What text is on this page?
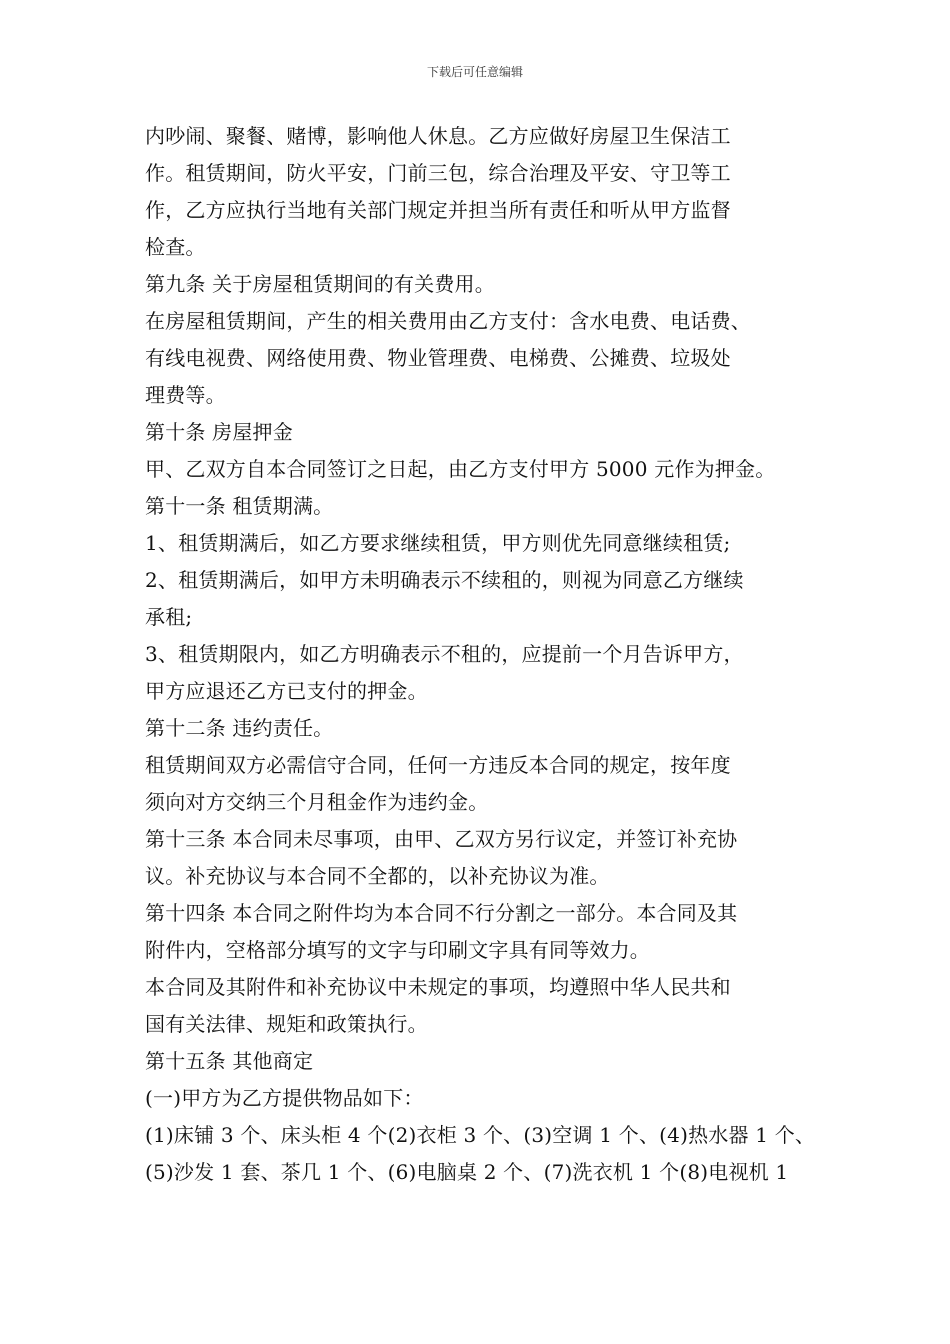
下载后可任意编辑
内吵闹、聚餐、赌博，影响他人休息。乙方应做好房屋卫生保洁工
作。租赁期间，防火平安，门前三包，综合治理及平安、守卫等工
作，乙方应执行当地有关部门规定并担当所有责任和听从甲方监督
检查。
第九条 关于房屋租赁期间的有关费用。
在房屋租赁期间，产生的相关费用由乙方支付：含水电费、电话费、
有线电视费、网络使用费、物业管理费、电梯费、公摊费、垃圾处
理费等。
第十条 房屋押金
甲、乙双方自本合同签订之日起，由乙方支付甲方 5000 元作为押金。
第十一条 租赁期满。
1、租赁期满后，如乙方要求继续租赁，甲方则优先同意继续租赁;
2、租赁期满后，如甲方未明确表示不续租的，则视为同意乙方继续
承租;
3、租赁期限内，如乙方明确表示不租的，应提前一个月告诉甲方，
甲方应退还乙方已支付的押金。
第十二条 违约责任。
租赁期间双方必需信守合同，任何一方违反本合同的规定，按年度
须向对方交纳三个月租金作为违约金。
第十三条 本合同未尽事项，由甲、乙双方另行议定，并签订补充协
议。补充协议与本合同不全都的，以补充协议为准。
第十四条 本合同之附件均为本合同不行分割之一部分。本合同及其
附件内，空格部分填写的文字与印刷文字具有同等效力。
本合同及其附件和补充协议中未规定的事项，均遵照中华人民共和
国有关法律、规矩和政策执行。
第十五条 其他商定
(一)甲方为乙方提供物品如下：
(1)床铺 3 个、床头柜 4 个(2)衣柜 3 个、(3)空调 1 个、(4)热水器 1 个、
(5)沙发 1 套、茶几 1 个、(6)电脑桌 2 个、(7)洗衣机 1 个(8)电视机 1
